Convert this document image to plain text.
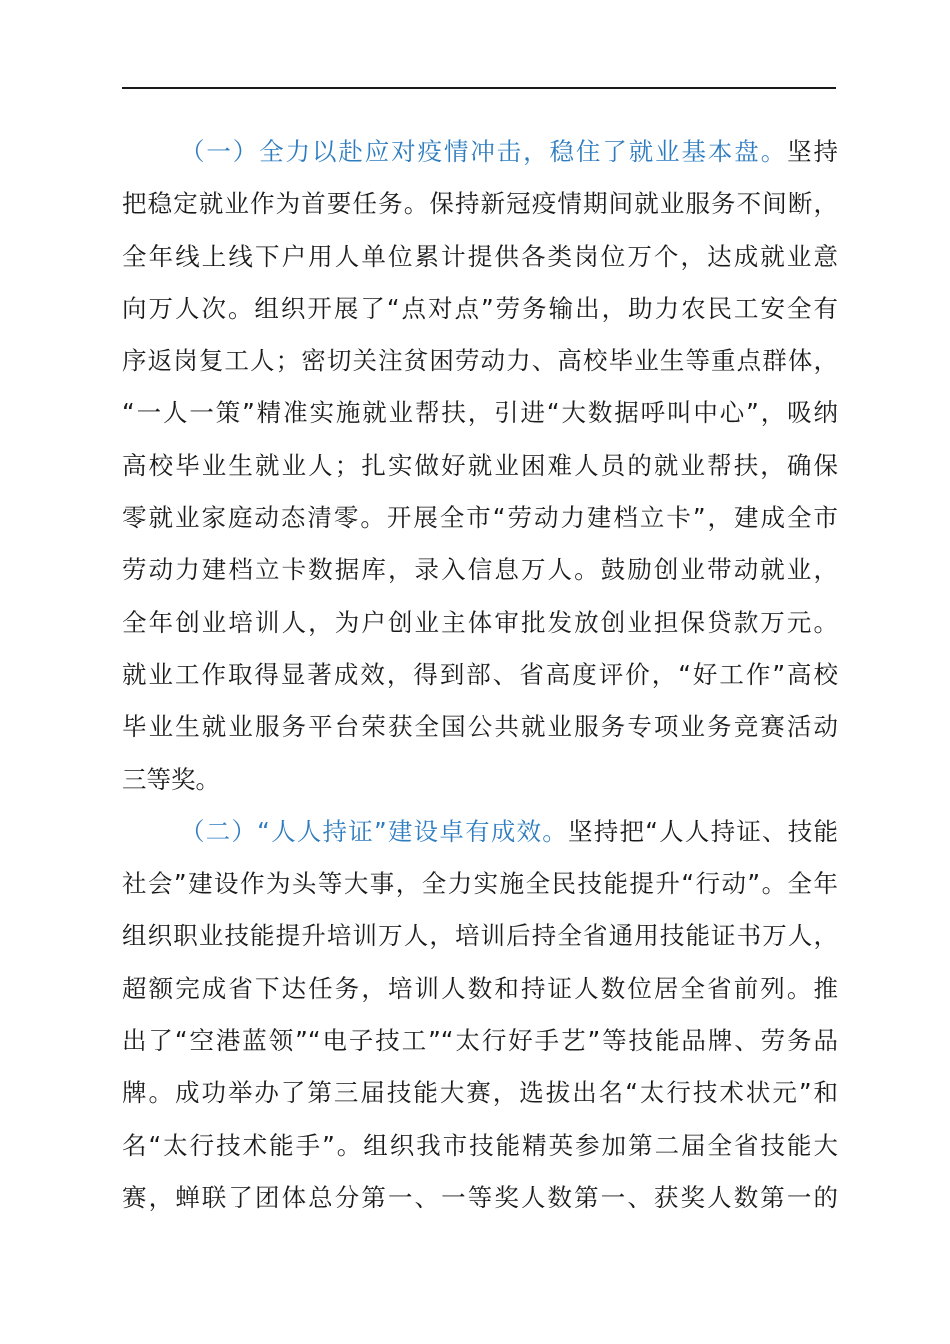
（一）全力以赴应对疫情冲击，稳住了就业基本盘。坚持
把稳定就业作为首要任务。保持新冠疫情期间就业服务不间断，
全年线上线下户用人单位累计提供各类岗位万个，达成就业意
向万人次。组织开展了“点对点”劳务输出，助力农民工安全有
序返岗复工人；密切关注贫困劳动力、高校毕业生等重点群体，
“一人一策”精准实施就业帮扶，引进“大数据呼叫中心”，吸纳
高校毕业生就业人；扎实做好就业困难人员的就业帮扶，确保
零就业家庭动态清零。开展全市“劳动力建档立卡”，建成全市
劳动力建档立卡数据库，录入信息万人。鼓励创业带动就业，
全年创业培训人，为户创业主体审批发放创业担保贷款万元。
就业工作取得显著成效，得到部、省高度评价，“好工作”高校
毕业生就业服务平台荣获全国公共就业服务专项业务竞赛活动
三等奖。
（二）“人人持证”建设卓有成效。坚持把“人人持证、技能
社会”建设作为头等大事，全力实施全民技能提升“行动”。全年
组织职业技能提升培训万人，培训后持全省通用技能证书万人，
超额完成省下达任务，培训人数和持证人数位居全省前列。推
出了“空港蓝领”“电子技工”“太行好手艺”等技能品牌、劳务品
牌。成功举办了第三届技能大赛，选拔出名“太行技术状元”和
名“太行技术能手”。组织我市技能精英参加第二届全省技能大
赛，蝉联了团体总分第一、一等奖人数第一、获奖人数第一的
